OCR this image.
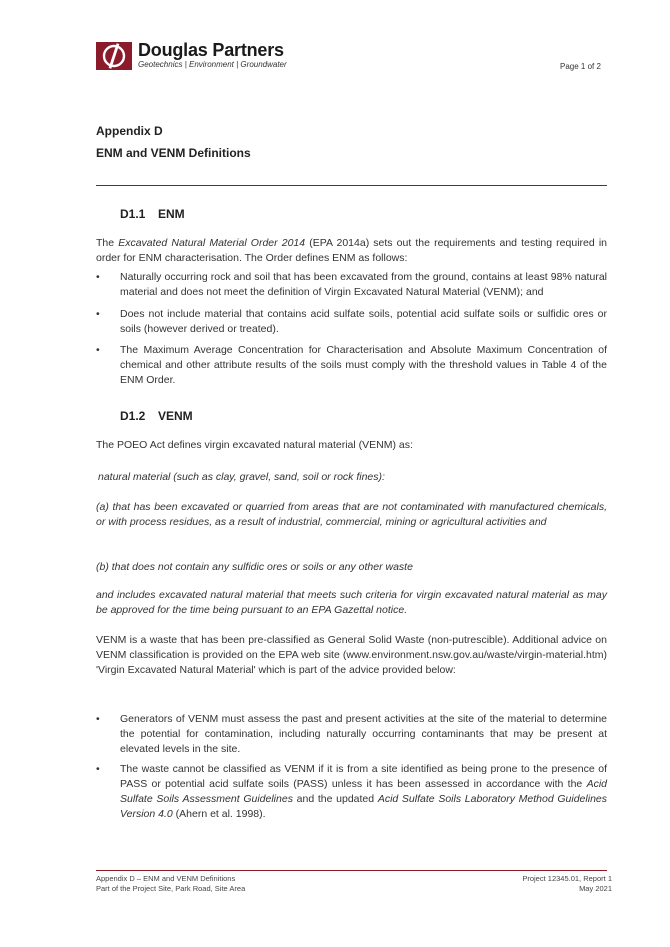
Douglas Partners
Geotechnics | Environment | Groundwater	Page 1 of 2
Appendix D
ENM and VENM Definitions
D1.1 ENM
The Excavated Natural Material Order 2014 (EPA 2014a) sets out the requirements and testing required in order for ENM characterisation. The Order defines ENM as follows:
•	Naturally occurring rock and soil that has been excavated from the ground, contains at least 98% natural material and does not meet the definition of Virgin Excavated Natural Material (VENM); and
•	Does not include material that contains acid sulfate soils, potential acid sulfate soils or sulfidic ores or soils (however derived or treated).
•	The Maximum Average Concentration for Characterisation and Absolute Maximum Concentration of chemical and other attribute results of the soils must comply with the threshold values in Table 4 of the ENM Order.
D1.2 VENM
The POEO Act defines virgin excavated natural material (VENM) as:
natural material (such as clay, gravel, sand, soil or rock fines):
(a) that has been excavated or quarried from areas that are not contaminated with manufactured chemicals, or with process residues, as a result of industrial, commercial, mining or agricultural activities and
(b) that does not contain any sulfidic ores or soils or any other waste
and includes excavated natural material that meets such criteria for virgin excavated natural material as may be approved for the time being pursuant to an EPA Gazettal notice.
VENM is a waste that has been pre-classified as General Solid Waste (non-putrescible). Additional advice on VENM classification is provided on the EPA web site (www.environment.nsw.gov.au/waste/virgin-material.htm) 'Virgin Excavated Natural Material' which is part of the advice provided below:
•	Generators of VENM must assess the past and present activities at the site of the material to determine the potential for contamination, including naturally occurring contaminants that may be present at elevated levels in the site.
•	The waste cannot be classified as VENM if it is from a site identified as being prone to the presence of PASS or potential acid sulfate soils (PASS) unless it has been assessed in accordance with the Acid Sulfate Soils Assessment Guidelines and the updated Acid Sulfate Soils Laboratory Method Guidelines Version 4.0 (Ahern et al. 1998).
Appendix D – ENM and VENM Definitions
Part of the Project Site, Park Road, Site Area
Project 12345.01, Report 1
May 2021
